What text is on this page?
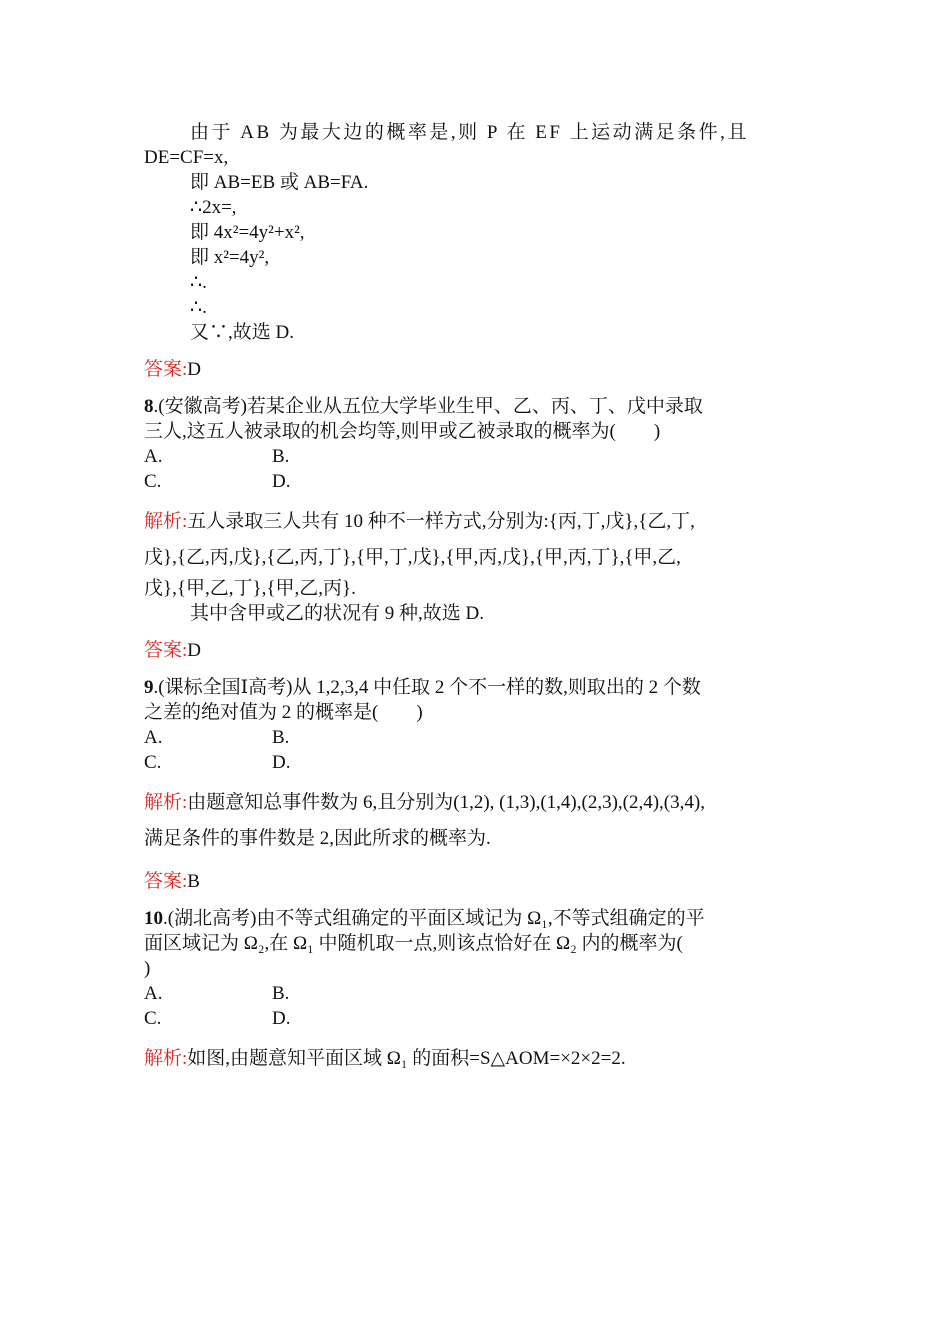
由于 AB 为最大边的概率是,则 P 在 EF 上运动满足条件,且
DE=CF=x,
即 AB=EB 或 AB=FA.
∴2x=,
即 4x²=4y²+x²,
即 x²=4y²,
∴.
∴.
又∵,故选 D.
答案:D
8.(安徽高考)若某企业从五位大学毕业生甲、乙、丙、丁、戊中录取
三人,这五人被录取的机会均等,则甲或乙被录取的概率为(　　)
A.	B.
C.	D.
解析:五人录取三人共有 10 种不一样方式,分别为:{丙,丁,戊},{乙,丁,
戊},{乙,丙,戊},{乙,丙,丁},{甲,丁,戊},{甲,丙,戊},{甲,丙,丁},{甲,乙,
戊},{甲,乙,丁},{甲,乙,丙}.
其中含甲或乙的状况有 9 种,故选 D.
答案:D
9.(课标全国Ⅰ高考)从 1,2,3,4 中任取 2 个不一样的数,则取出的 2 个数
之差的绝对值为 2 的概率是(　　)
A.	B.
C.	D.
解析:由题意知总事件数为 6,且分别为(1,2), (1,3),(1,4),(2,3),(2,4),(3,4),
满足条件的事件数是 2,因此所求的概率为.
答案:B
10.(湖北高考)由不等式组确定的平面区域记为 Ω₁,不等式组确定的平
面区域记为 Ω₂,在 Ω₁ 中随机取一点,则该点恰好在 Ω₂ 内的概率为(
)
A.	B.
C.	D.
解析:如图,由题意知平面区域 Ω₁ 的面积=S△AOM=×2×2=2.
